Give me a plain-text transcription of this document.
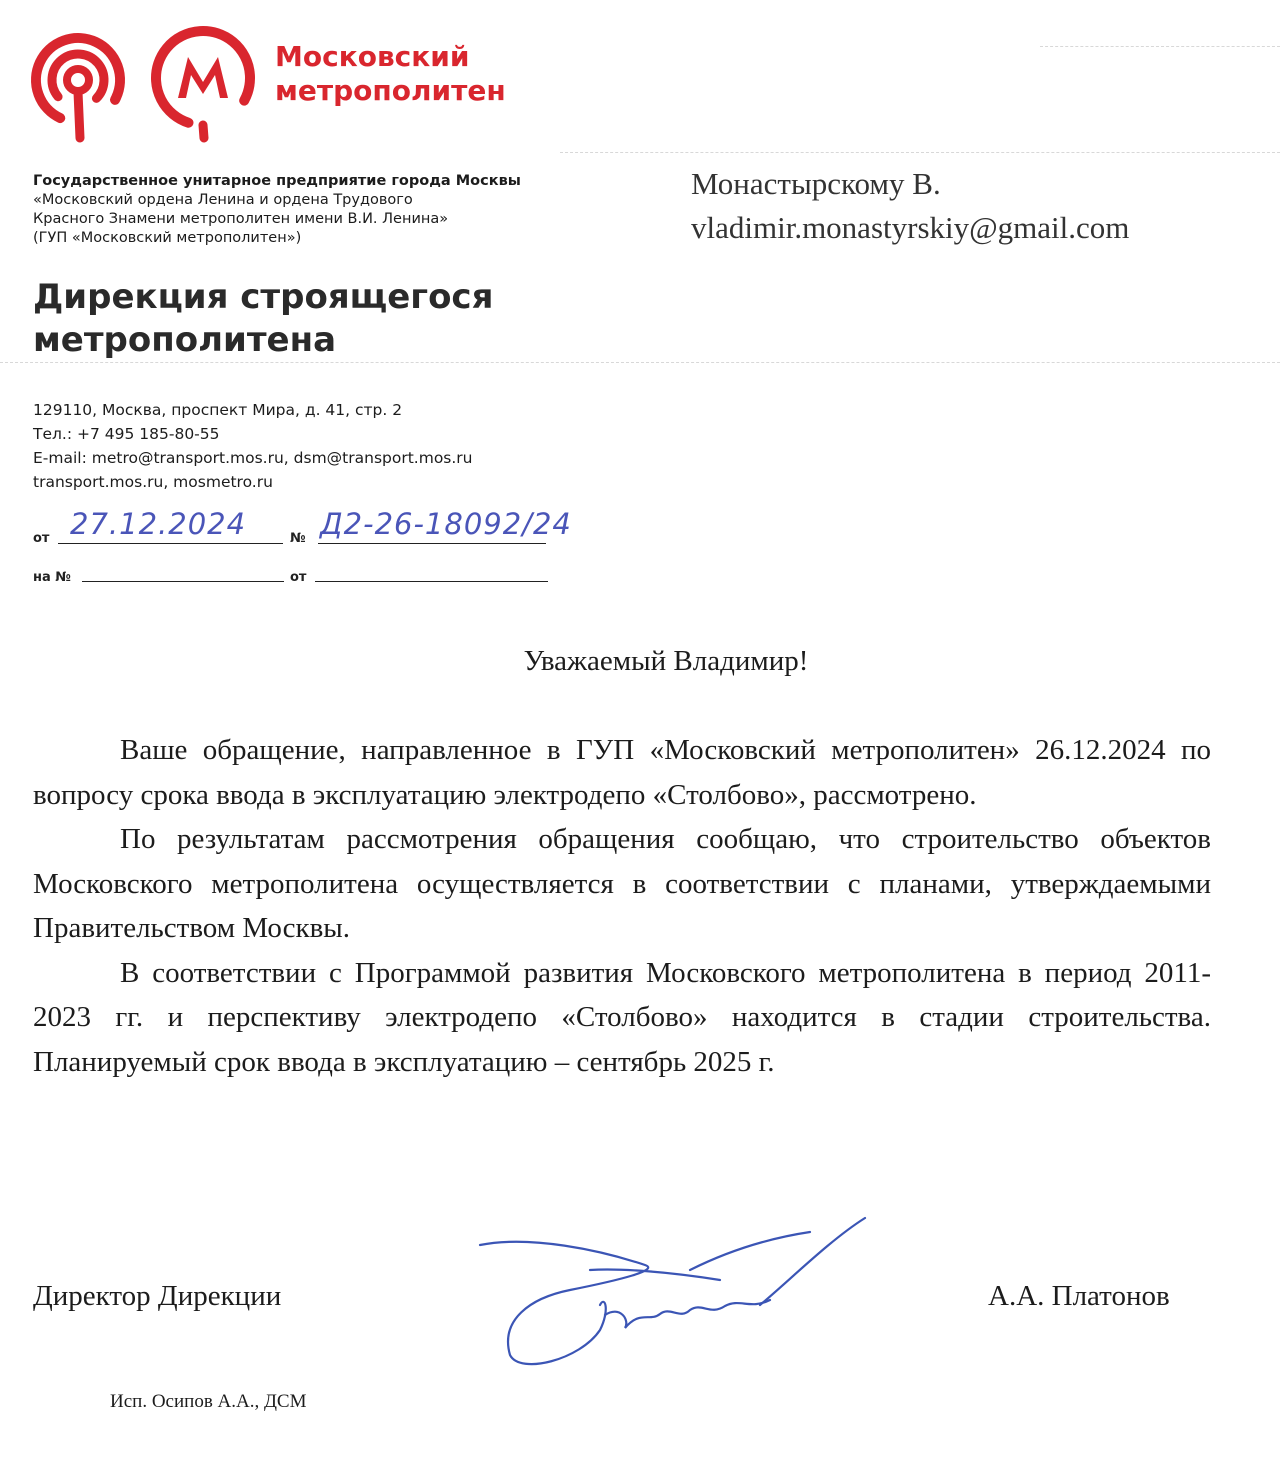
Московский
метрополитен
Государственное унитарное предприятие города Москвы
«Московский ордена Ленина и ордена Трудового
Красного Знамени метрополитен имени В.И. Ленина»
(ГУП «Московский метрополитен»)
Дирекция строящегося
метрополитена
129110, Москва, проспект Мира, д. 41, стр. 2
Тел.: +7 495 185-80-55
E-mail: metro@transport.mos.ru, dsm@transport.mos.ru
transport.mos.ru, mosmetro.ru
Монастырскому В.
vladimir.monastyrskiy@gmail.com
от 27.12.2024	№ Д2-26-18092/24
на №	от
Уважаемый Владимир!

Ваше обращение, направленное в ГУП «Московский метрополитен» 26.12.2024 по вопросу срока ввода в эксплуатацию электродепо «Столбово», рассмотрено.

По результатам рассмотрения обращения сообщаю, что строительство объектов Московского метрополитена осуществляется в соответствии с планами, утверждаемыми Правительством Москвы.

В соответствии с Программой развития Московского метрополитена в период 2011-2023 гг. и перспективу электродепо «Столбово» находится в стадии строительства. Планируемый срок ввода в эксплуатацию – сентябрь 2025 г.

Директор Дирекции	А.А. Платонов
Исп. Осипов А.А., ДСМ
